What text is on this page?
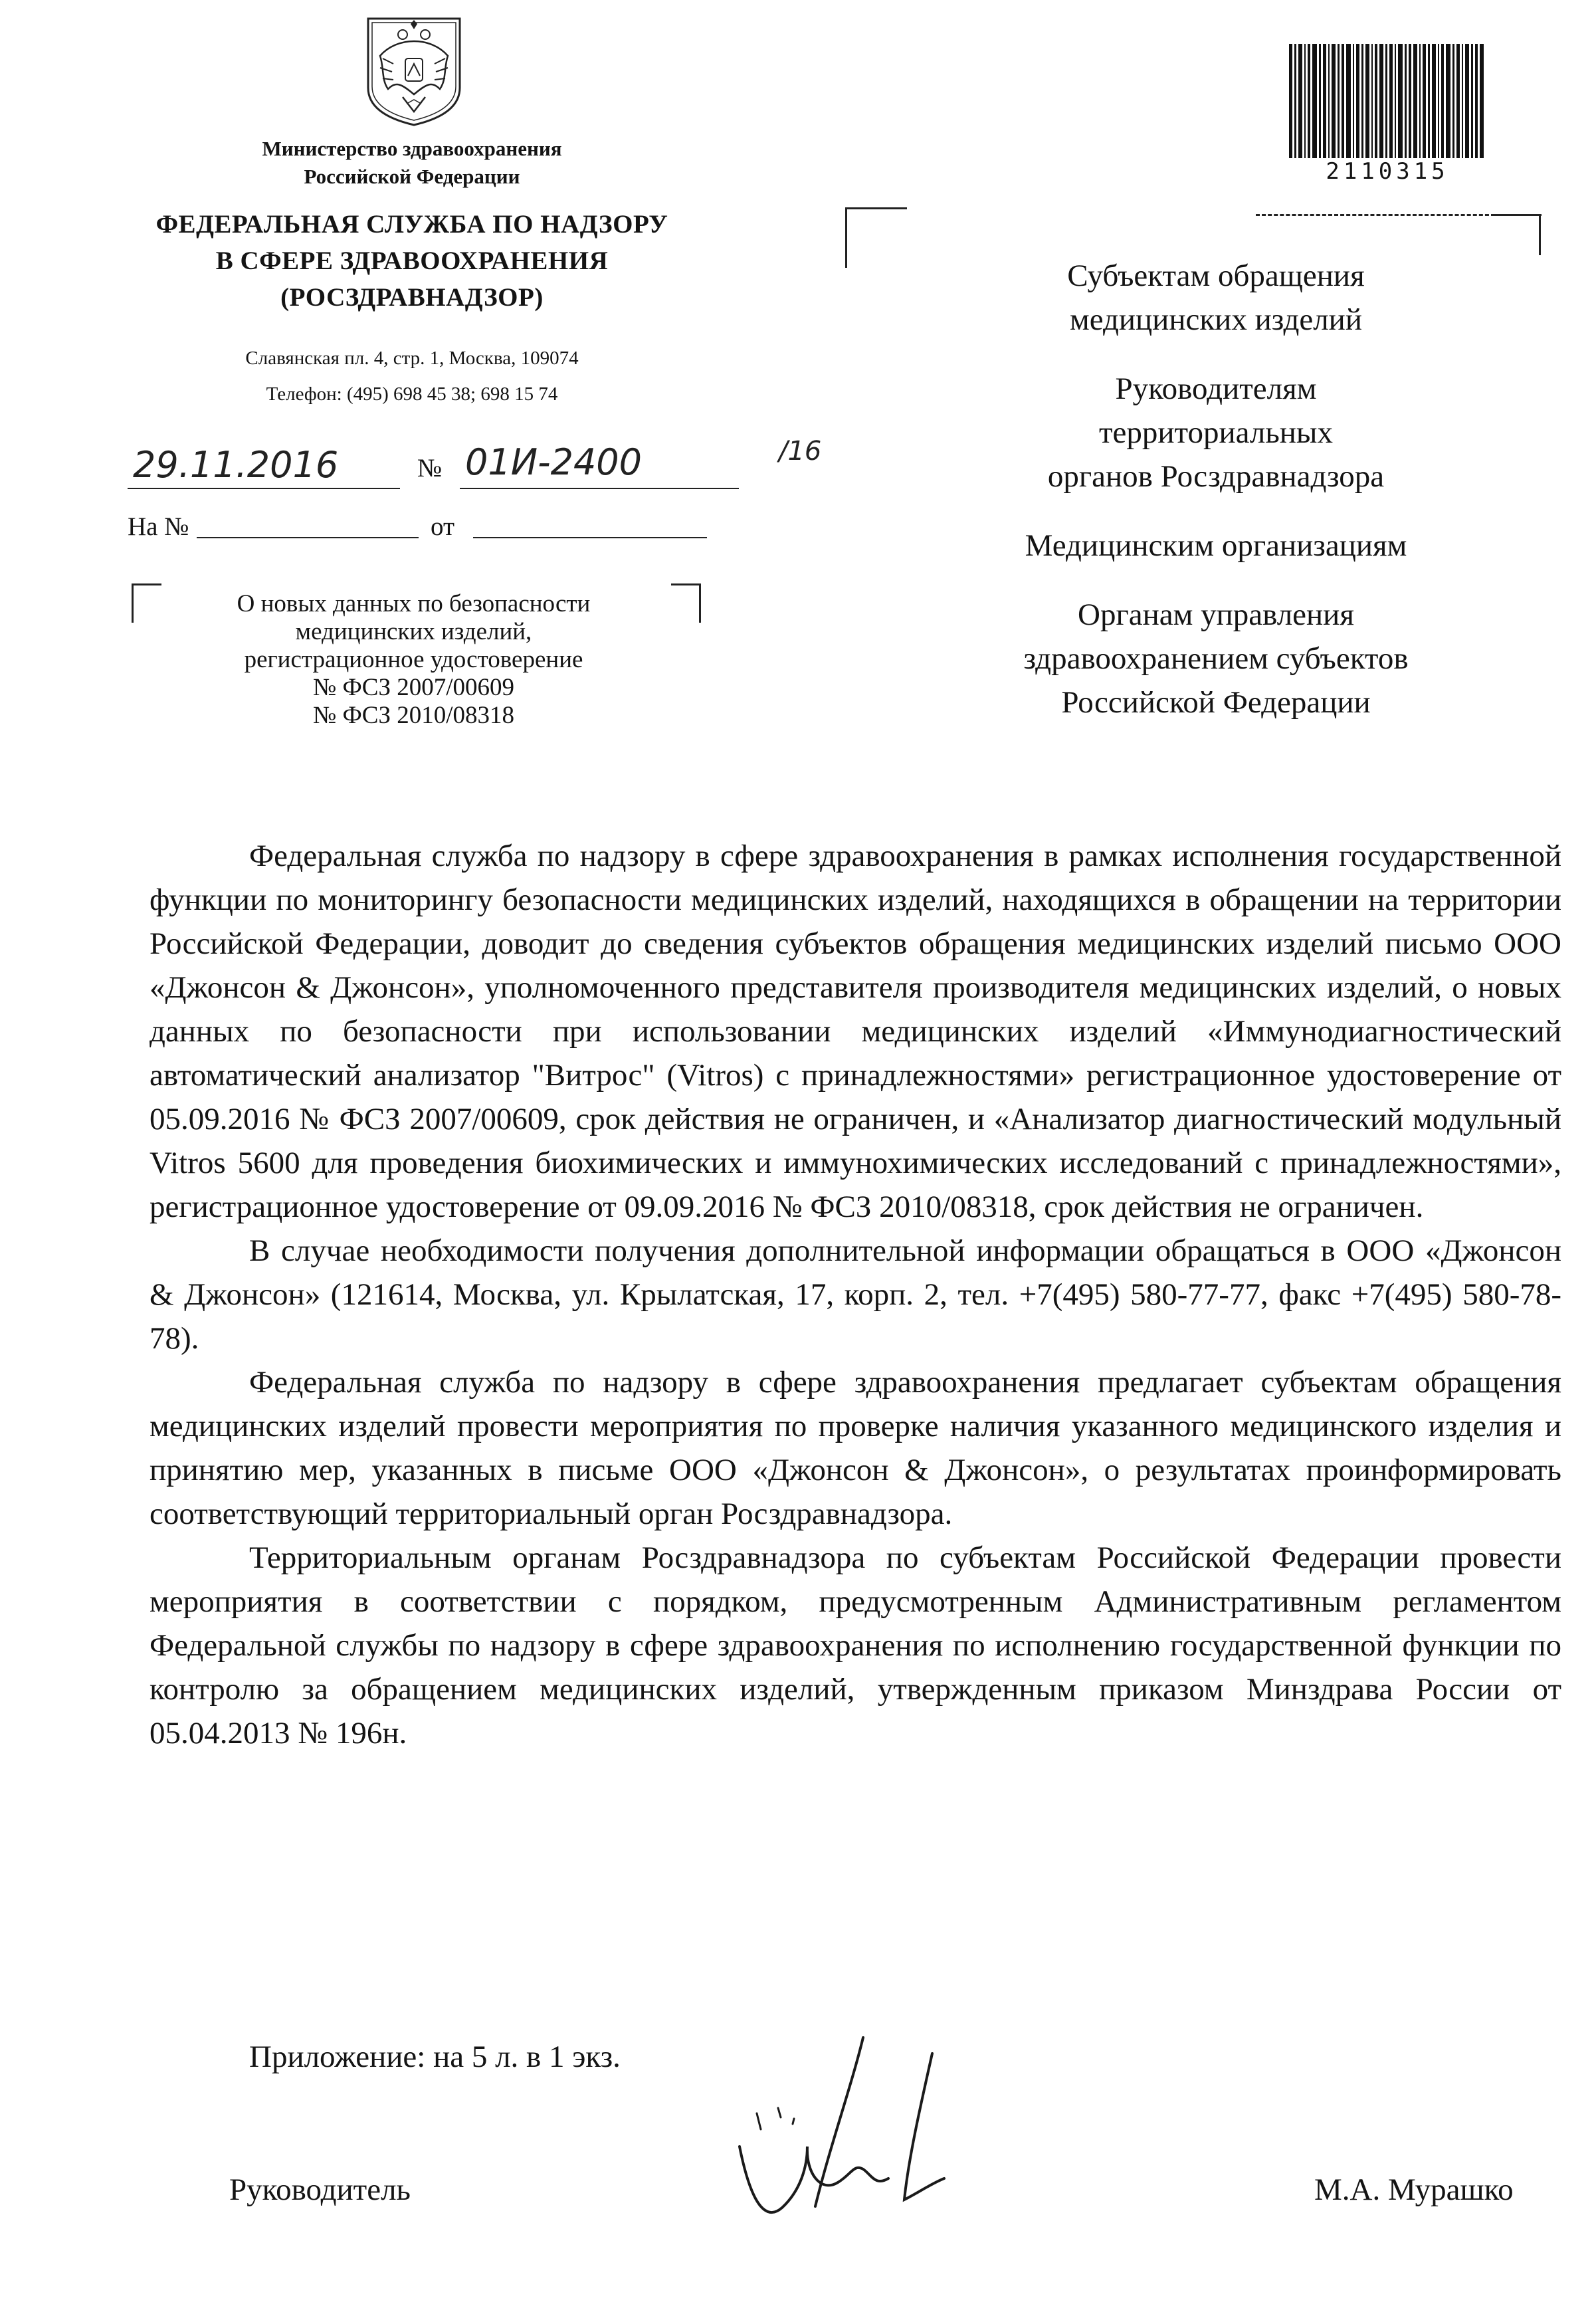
Министерство здравоохранения
Российской Федерации
ФЕДЕРАЛЬНАЯ СЛУЖБА ПО НАДЗОРУ
В СФЕРЕ ЗДРАВООХРАНЕНИЯ
(РОСЗДРАВНАДЗОР)
Славянская пл. 4, стр. 1, Москва, 109074
Телефон: (495) 698 45 38; 698 15 74
29.11.2016	№ 01И-2400	/16
На №	от
О новых данных по безопасности
медицинских изделий,
регистрационное удостоверение
№ ФСЗ 2007/00609
№ ФСЗ 2010/08318
2110315

Субъектам обращения
медицинских изделий

Руководителям
территориальных
органов Росздравнадзора

Медицинским организациям

Органам управления
здравоохранением субъектов
Российской Федерации

Федеральная служба по надзору в сфере здравоохранения в рамках исполнения государственной функции по мониторингу безопасности медицинских изделий, находящихся в обращении на территории Российской Федерации, доводит до сведения субъектов обращения медицинских изделий письмо ООО «Джонсон & Джонсон», уполномоченного представителя производителя медицинских изделий, о новых данных по безопасности при использовании медицинских изделий «Иммунодиагностический автоматический анализатор "Витрос" (Vitros) с принадлежностями» регистрационное удостоверение от 05.09.2016 № ФСЗ 2007/00609, срок действия не ограничен, и «Анализатор диагностический модульный Vitros 5600 для проведения биохимических и иммунохимических исследований с принадлежностями», регистрационное удостоверение от 09.09.2016 № ФСЗ 2010/08318, срок действия не ограничен.

В случае необходимости получения дополнительной информации обращаться в ООО «Джонсон & Джонсон» (121614, Москва, ул. Крылатская, 17, корп. 2, тел. +7(495) 580-77-77, факс +7(495) 580-78-78).

Федеральная служба по надзору в сфере здравоохранения предлагает субъектам обращения медицинских изделий провести мероприятия по проверке наличия указанного медицинского изделия и принятию мер, указанных в письме ООО «Джонсон & Джонсон», о результатах проинформировать соответствующий территориальный орган Росздравнадзора.

Территориальным органам Росздравнадзора по субъектам Российской Федерации провести мероприятия в соответствии с порядком, предусмотренным Административным регламентом Федеральной службы по надзору в сфере здравоохранения по исполнению государственной функции по контролю за обращением медицинских изделий, утвержденным приказом Минздрава России от 05.04.2013 № 196н.

Приложение: на 5 л. в 1 экз.
Руководитель	М.А. Мурашко
